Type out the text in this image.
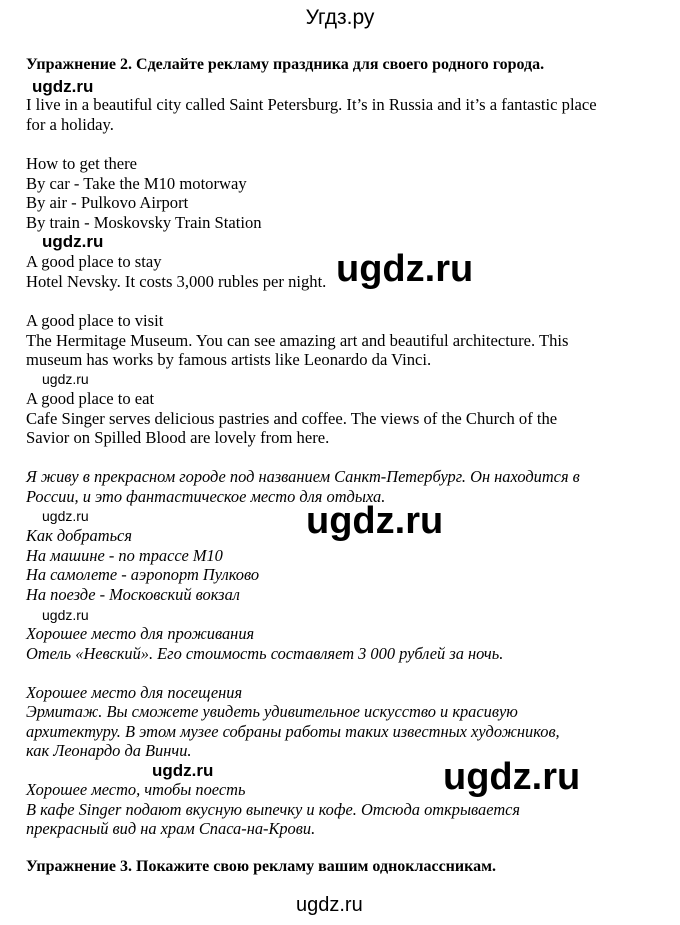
Угдз.ру
Упражнение 2. Сделайте рекламу праздника для своего родного города.
I live in a beautiful city called Saint Petersburg. It’s in Russia and it’s a fantastic place
for a holiday.
How to get there
By car - Take the M10 motorway
By air - Pulkovo Airport
By train - Moskovsky Train Station
A good place to stay
Hotel Nevsky. It costs 3,000 rubles per night.
A good place to visit
The Hermitage Museum. You can see amazing art and beautiful architecture. This
museum has works by famous artists like Leonardo da Vinci.
A good place to eat
Cafe Singer serves delicious pastries and coffee. The views of the Church of the
Savior on Spilled Blood are lovely from here.
Я живу в прекрасном городе под названием Санкт-Петербург. Он находится в
России, и это фантастическое место для отдыха.
Как добраться
На машине - по трассе М10
На самолете - аэропорт Пулково
На поезде - Московский вокзал
Хорошее место для проживания
Отель «Невский». Его стоимость составляет 3 000 рублей за ночь.
Хорошее место для посещения
Эрмитаж. Вы сможете увидеть удивительное искусство и красивую
архитектуру. В этом музее собраны работы таких известных художников,
как Леонардо да Винчи.
Хорошее место, чтобы поесть
В кафе Singer подают вкусную выпечку и кофе. Отсюда открывается
прекрасный вид на храм Спаса-на-Крови.
Упражнение 3. Покажите свою рекламу вашим одноклассникам.
ugdz.ru
ugdz.ru
ugdz.ru
ugdz.ru
ugdz.ru
ugdz.ru
ugdz.ru
ugdz.ru	ugdz.ru
ugdz.ru
